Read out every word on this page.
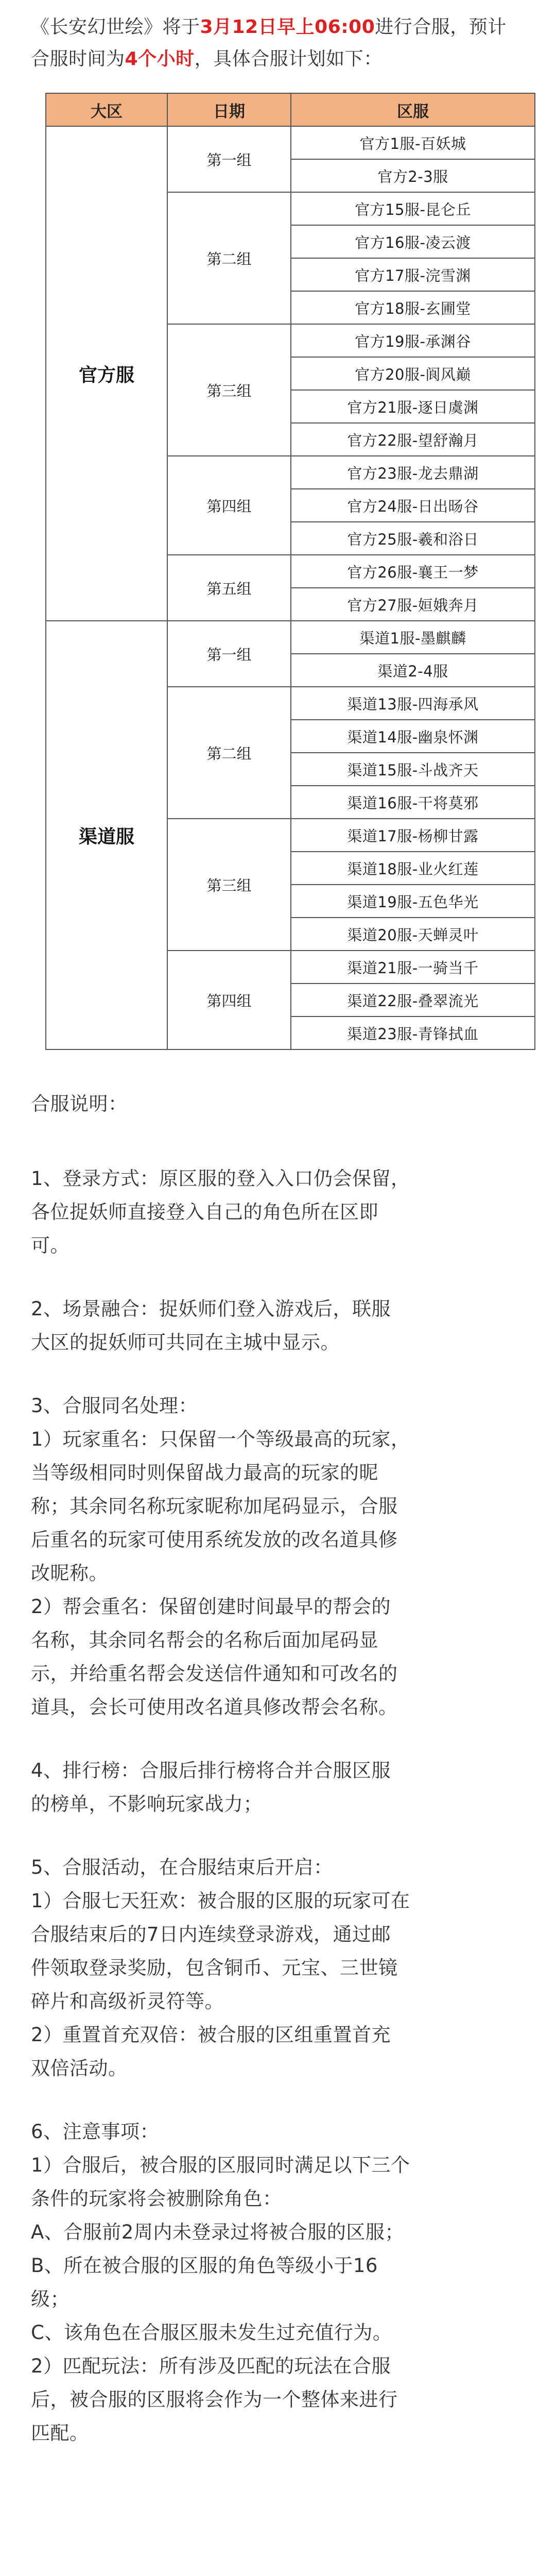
《长安幻世绘》将于3月12日早上06:00进行合服，预计合服时间为4个小时，具体合服计划如下：

大区	日期	区服
官方服	第一组	官方1服-百妖城
		官方2-3服
	第二组	官方15服-昆仑丘
		官方16服-凌云渡
		官方17服-浣雪渊
		官方18服-玄圃堂
	第三组	官方19服-承渊谷
		官方20服-阆风巅
		官方21服-逐日虞渊
		官方22服-望舒瀚月
	第四组	官方23服-龙去鼎湖
		官方24服-日出旸谷
		官方25服-羲和浴日
	第五组	官方26服-襄王一梦
		官方27服-姮娥奔月
渠道服	第一组	渠道1服-墨麒麟
		渠道2-4服
	第二组	渠道13服-四海承风
		渠道14服-幽泉怀渊
		渠道15服-斗战齐天
		渠道16服-干将莫邪
	第三组	渠道17服-杨柳甘露
		渠道18服-业火红莲
		渠道19服-五色华光
		渠道20服-天蝉灵叶
	第四组	渠道21服-一骑当千
		渠道22服-叠翠流光
		渠道23服-青锋拭血

合服说明：

1、登录方式：原区服的登入入口仍会保留，

各位捉妖师直接登入自己的角色所在区即

可。

2、场景融合：捉妖师们登入游戏后，联服

大区的捉妖师可共同在主城中显示。

3、合服同名处理：

1）玩家重名：只保留一个等级最高的玩家，

当等级相同时则保留战力最高的玩家的昵

称；其余同名称玩家昵称加尾码显示，合服

后重名的玩家可使用系统发放的改名道具修

改昵称。

2）帮会重名：保留创建时间最早的帮会的

名称，其余同名帮会的名称后面加尾码显

示，并给重名帮会发送信件通知和可改名的

道具，会长可使用改名道具修改帮会名称。

4、排行榜：合服后排行榜将合并合服区服

的榜单，不影响玩家战力；

5、合服活动，在合服结束后开启：

1）合服七天狂欢：被合服的区服的玩家可在

合服结束后的7日内连续登录游戏，通过邮

件领取登录奖励，包含铜币、元宝、三世镜

碎片和高级祈灵符等。

2）重置首充双倍：被合服的区组重置首充

双倍活动。

6、注意事项：

1）合服后，被合服的区服同时满足以下三个

条件的玩家将会被删除角色：

A、合服前2周内未登录过将被合服的区服；

B、所在被合服的区服的角色等级小于16

级；

C、该角色在合服区服未发生过充值行为。

2）匹配玩法：所有涉及匹配的玩法在合服

后，被合服的区服将会作为一个整体来进行

匹配。
